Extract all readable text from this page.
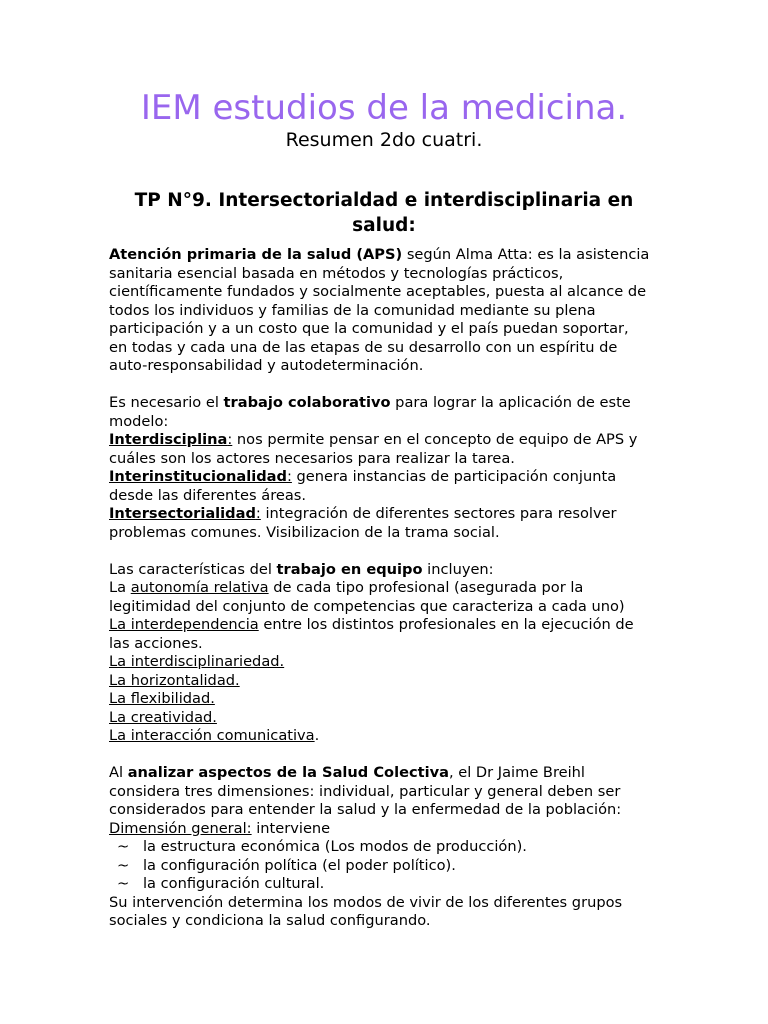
IEM estudios de la medicina.
Resumen 2do cuatri.
TP N°9. Intersectorialdad e interdisciplinaria en salud:

Atención primaria de la salud (APS) según Alma Atta: es la asistencia

sanitaria esencial basada en métodos y tecnologías prácticos,

científicamente fundados y socialmente aceptables, puesta al alcance de

todos los individuos y familias de la comunidad mediante su plena

participación y a un costo que la comunidad y el país puedan soportar,

en todas y cada una de las etapas de su desarrollo con un espíritu de

auto-responsabilidad y autodeterminación.

Es necesario el trabajo colaborativo para lograr la aplicación de este

modelo:

Interdisciplina: nos permite pensar en el concepto de equipo de APS y

cuáles son los actores necesarios para realizar la tarea.

Interinstitucionalidad: genera instancias de participación conjunta

desde las diferentes áreas.

Intersectorialidad: integración de diferentes sectores para resolver

problemas comunes. Visibilizacion de la trama social.

Las características del trabajo en equipo incluyen:

La autonomía relativa de cada tipo profesional (asegurada por la

legitimidad del conjunto de competencias que caracteriza a cada uno)

La interdependencia entre los distintos profesionales en la ejecución de

las acciones.

La interdisciplinariedad.

La horizontalidad.

La flexibilidad.

La creatividad.

La interacción comunicativa.

Al analizar aspectos de la Salud Colectiva, el Dr Jaime Breihl

considera tres dimensiones: individual, particular y general deben ser

considerados para entender la salud y la enfermedad de la población:

Dimensión general: interviene

~ la estructura económica (Los modos de producción).

~ la configuración política (el poder político).

~ la configuración cultural.

Su intervención determina los modos de vivir de los diferentes grupos

sociales y condiciona la salud configurando.
